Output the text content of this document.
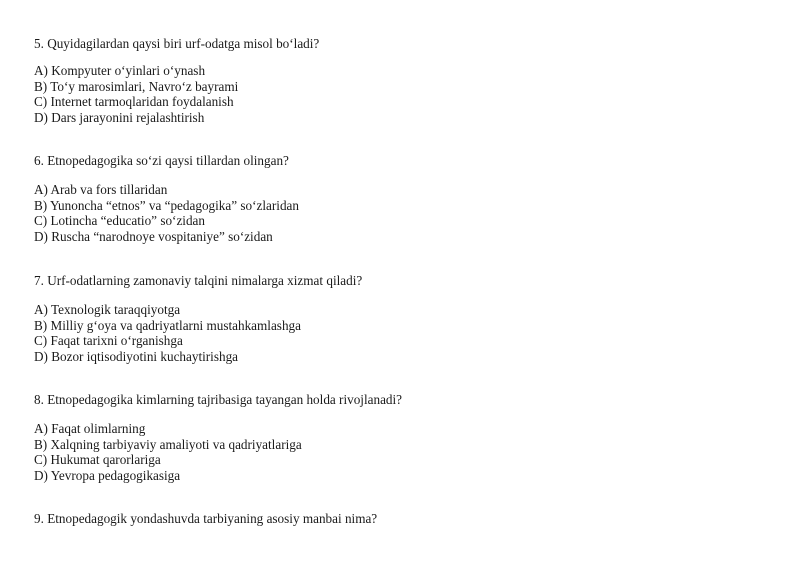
5. Quyidagilardan qaysi biri urf-odatga misol bo‘ladi?
A) Kompyuter o‘yinlari o‘ynash
B) To‘y marosimlari, Navro‘z bayrami
C) Internet tarmoqlaridan foydalanish
D) Dars jarayonini rejalashtirish
6. Etnopedagogika so‘zi qaysi tillardan olingan?
A) Arab va fors tillaridan
B) Yunoncha “etnos” va “pedagogika” so‘zlaridan
C) Lotincha “educatio” so‘zidan
D) Ruscha “narodnoye vospitaniye” so‘zidan
7. Urf-odatlarning zamonaviy talqini nimalarga xizmat qiladi?
A) Texnologik taraqqiyotga
B) Milliy g‘oya va qadriyatlarni mustahkamlashga
C) Faqat tarixni o‘rganishga
D) Bozor iqtisodiyotini kuchaytirishga
8. Etnopedagogika kimlarning tajribasiga tayangan holda rivojlanadi?
A) Faqat olimlarning
B) Xalqning tarbiyaviy amaliyoti va qadriyatlariga
C) Hukumat qarorlariga
D) Yevropa pedagogikasiga
9. Etnopedagogik yondashuvda tarbiyaning asosiy manbai nima?
